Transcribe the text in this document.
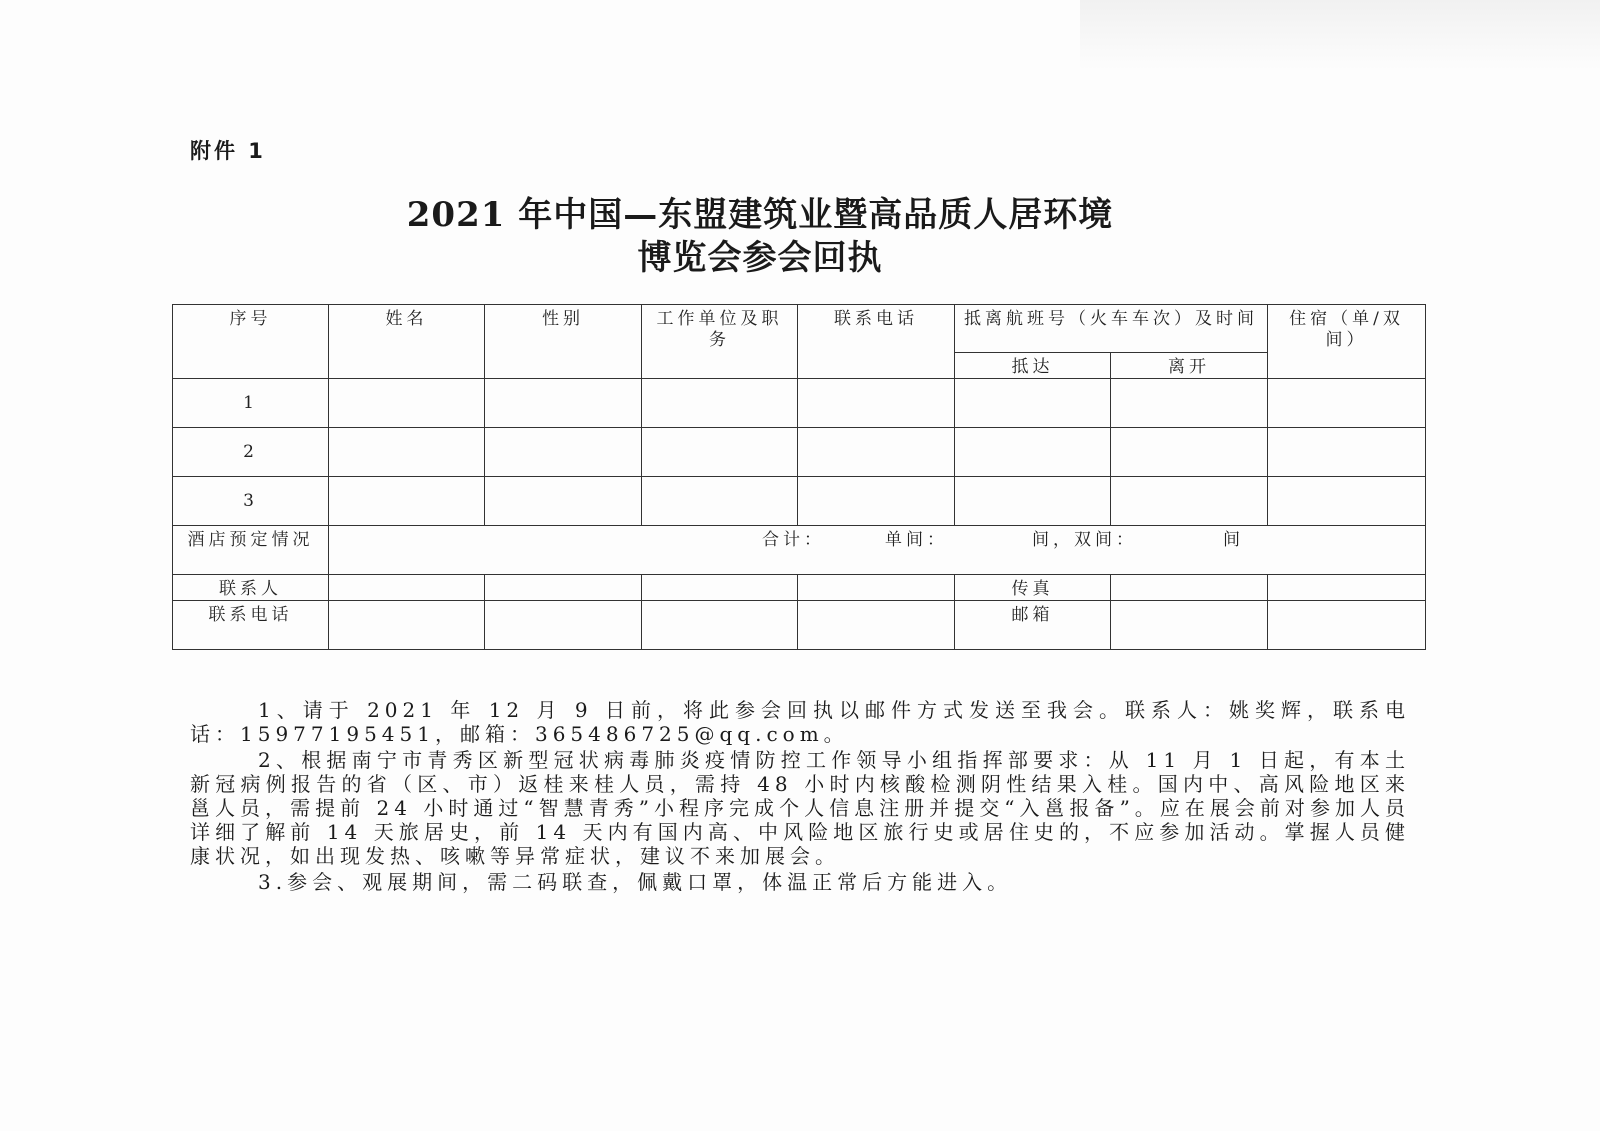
附件 1
2021 年中国—东盟建筑业暨高品质人居环境
博览会参会回执
序号	姓名	性别	工作单位及职务	联系电话	抵离航班号（火车车次）及时间		住宿（单/双间）
					抵达	离开	
1							
2							
3							
酒店预定情况	合计： 单间： 间，双间： 间						
联系人					传真		
联系电话					邮箱		

1、请于 2021 年 12 月 9 日前，将此参会回执以邮件方式发送至我会。联系人：姚奖辉，联系电话：15977195451，邮箱：365486725@qq.com。

2、根据南宁市青秀区新型冠状病毒肺炎疫情防控工作领导小组指挥部要求：从 11 月 1 日起，有本土新冠病例报告的省（区、市）返桂来桂人员，需持 48 小时内核酸检测阴性结果入桂。国内中、高风险地区来邕人员，需提前 24 小时通过“智慧青秀”小程序完成个人信息注册并提交“入邕报备”。应在展会前对参加人员详细了解前 14 天旅居史，前 14 天内有国内高、中风险地区旅行史或居住史的，不应参加活动。掌握人员健康状况，如出现发热、咳嗽等异常症状，建议不来加展会。

3.参会、观展期间，需二码联查，佩戴口罩，体温正常后方能进入。
